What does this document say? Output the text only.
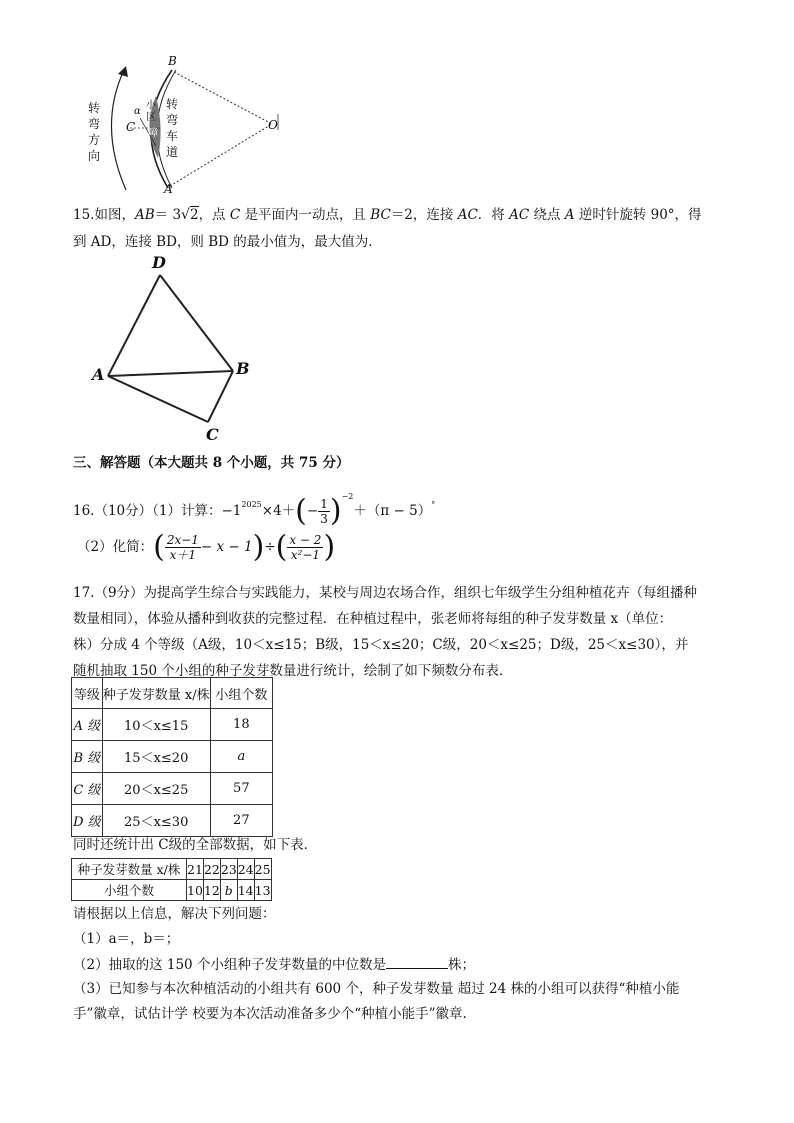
B
A
O
C
α
转
弯
方
向
转
弯
车
道
小
区
障
15.如图，AB＝ 3√2，点 C 是平面内一动点，且 BC＝2，连接 AC．将 AC 绕点 A 逆时针旋转 90°，得
到 AD，连接 BD，则 BD 的最小值为，最大值为．
D
A	B
C
三、解答题（本大题共 8 个小题，共 75 分）
16.（10分）（1）计算：$-1^{2025}\times 4+(- \frac{1}{3} )^{-2}+(\pi - 5)^\circ$
（2）化简：( $\frac{2x-1}{x+1} - x - 1)\div( \frac{x - 2}{\text{x²−1}}$ )
17.（9分）为提高学生综合与实践能力，某校与周边农场合作，组织七年级学生分组种植花卉（每组播种
数量相同），体验从播种到收获的完整过程．在种植过程中，张老师将每组的种子发芽数量 x（单位：
株）分成 4 个等级（A级，10＜x≤15；B级，15＜x≤20；C级，20＜x≤25；D级，25＜x≤30），并
随机抽取 150 个小组的种子发芽数量进行统计，绘制了如下频数分布表．
等级	种子发芽数量 x/株	小组个数
A 级	10＜x≤15	18
B 级	15＜x≤20	a
C 级	20＜x≤25	57
D 级	25＜x≤30	27
同时还统计出 C级的全部数据，如下表．
种子发芽数量 x/株	21	22	23	24	25
小组个数	10	12	b	14	13
请根据以上信息，解决下列问题：
（1）a＝，b＝；
（2）抽取的这 150 个小组种子发芽数量的中位数是	株；
（3）已知参与本次种植活动的小组共有 600 个，种子发芽数量 超过 24 株的小组可以获得“种植小能
手”徽章，试估计学 校要为本次活动准备多少个“种植小能手”徽章.
